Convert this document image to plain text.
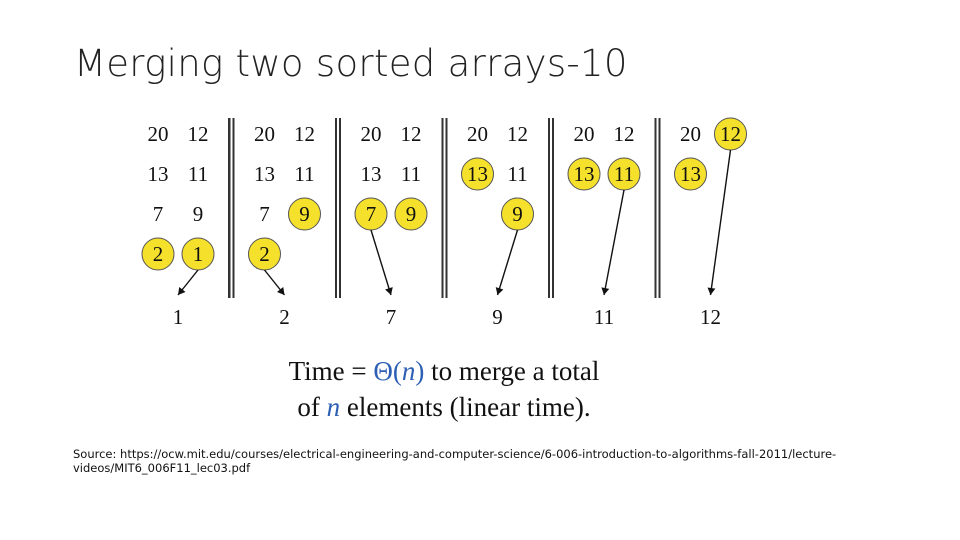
Merging two sorted arrays-10
20
13
7
2
12
11
9
1
1
20
13
7
2
12
11
9
2
20
13
7
12
11
9
7
20
13
12
11
9
9
20
13
12
11
11
20
13
12
12
Time = Θ(n) to merge a total
of n elements (linear time).
Source: https://ocw.mit.edu/courses/electrical-engineering-and-computer-science/6-006-introduction-to-algorithms-fall-2011/lecture-videos/MIT6_006F11_lec03.pdf
